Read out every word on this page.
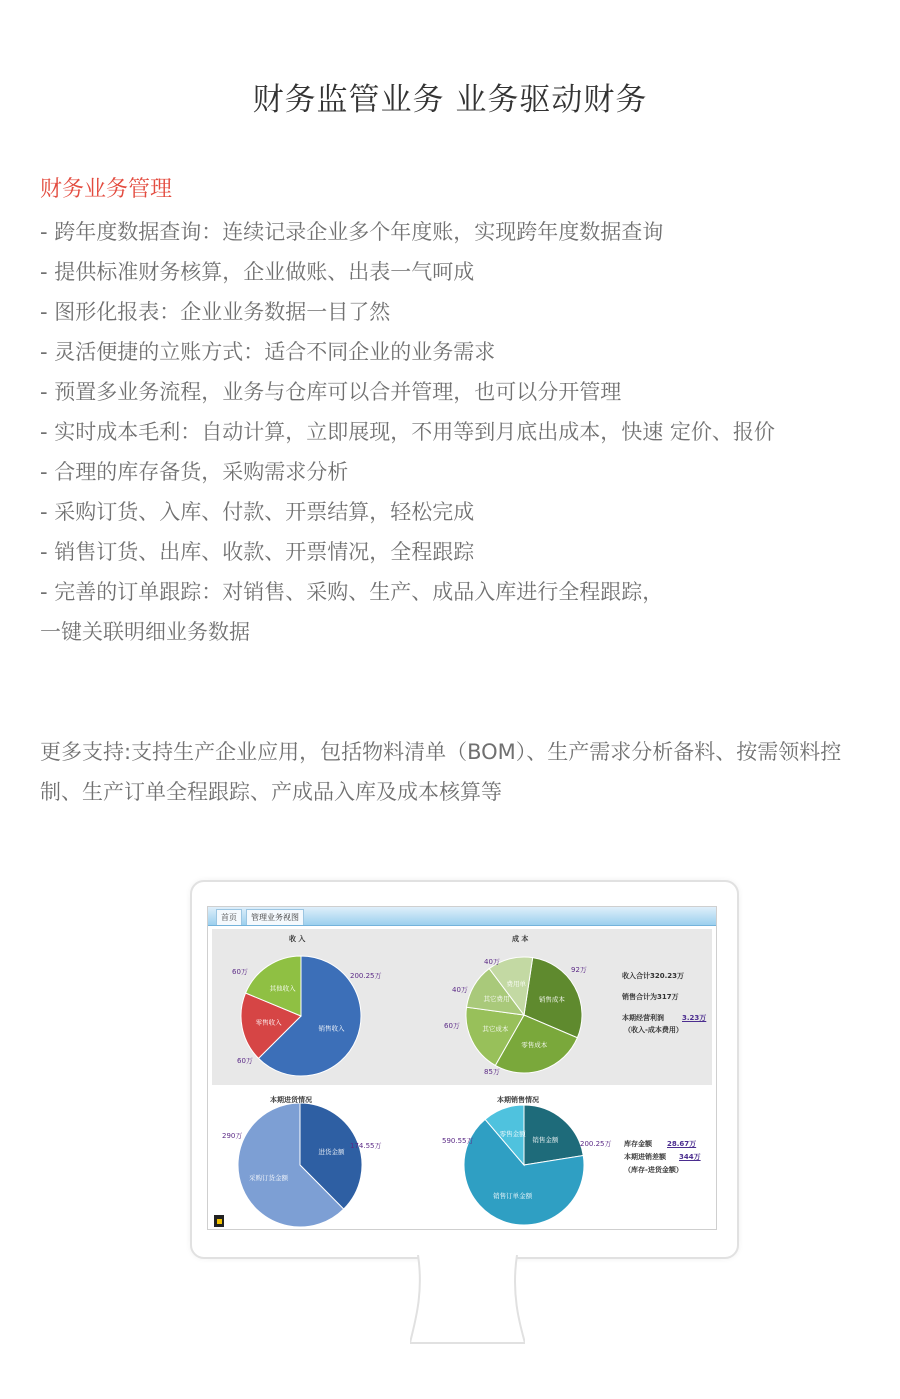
财务监管业务 业务驱动财务
财务业务管理
- 跨年度数据查询：连续记录企业多个年度账，实现跨年度数据查询
- 提供标准财务核算，企业做账、出表一气呵成
- 图形化报表：企业业务数据一目了然
- 灵活便捷的立账方式：适合不同企业的业务需求
- 预置多业务流程，业务与仓库可以合并管理，也可以分开管理
- 实时成本毛利：自动计算，立即展现，不用等到月底出成本，快速 定价、报价
- 合理的库存备货，采购需求分析
- 采购订货、入库、付款、开票结算，轻松完成
- 销售订货、出库、收款、开票情况，全程跟踪
- 完善的订单跟踪：对销售、采购、生产、成品入库进行全程跟踪，
一键关联明细业务数据
更多支持:支持生产企业应用，包括物料清单（BOM）、生产需求分析备料、按需领料控制、生产订单全程跟踪、产成品入库及成本核算等
首页	管理业务视图
销售收入
零售收入
其他收入
销售成本
零售成本
其它成本
其它费用
费用单
收 入	成 本
200.25万
60万
60万	92万
85万
60万
40万
40万
收入合计320.23万
销售合计为317万
本期经营利润	3.23万
（收入-成本费用）
进货金额
采购订货金额
销售金额
销售订单金额
零售金额
本期进货情况	本期销售情况
174.55万
290万
200.25万
590.55万	库存金额 28.67万
本期进销差额 344万
（库存-进货金额）
